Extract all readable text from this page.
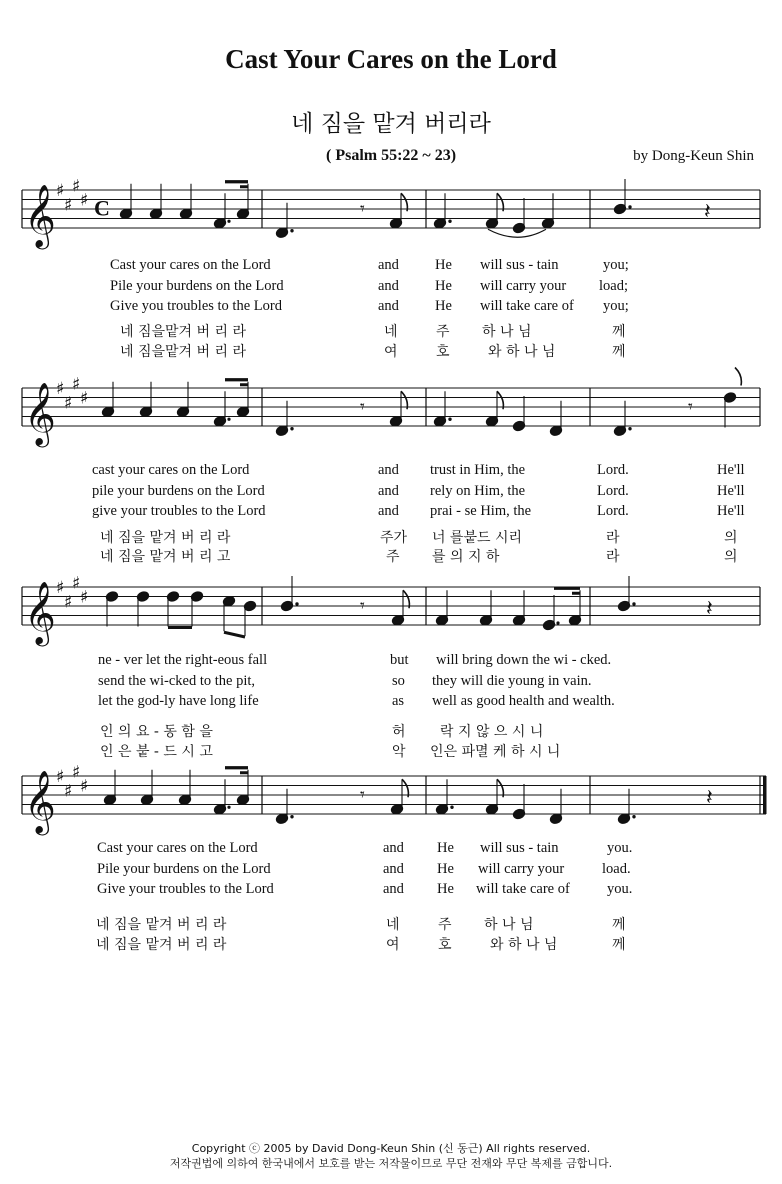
Cast Your Cares on the Lord
네 짐을 맡겨 버리라
( Psalm 55:22 ~ 23)	by Dong-Keun Shin
𝄞 ♯
♯
♯
♯ C	𝄾	𝄽
Cast your cares on the Lord	and He will sus - tain	you;
Pile your burdens on the Lord	and He will carry your load;
Give you troubles to the Lord	and He will take care of you;
네 짐을맡겨 버 리 라	네	주 하 나 님	께
네 짐을맡겨 버 리 라	여	호	와 하 나 님	께
𝄞 ♯
♯
♯
♯	𝄾	𝄾
cast your cares on the Lord	and trust in Him, the	Lord.	He'll
pile your burdens on the Lord	and rely on Him, the	Lord.	He'll
give your troubles to the Lord	and prai - se Him, the	Lord.	He'll
네 짐을 맡겨 버 리 라	주가 너 를붙드 시리	라	의
네 짐을 맡겨 버 리 고	주 를 의 지 하	라	의
𝄞 ♯
♯
♯
♯	𝄾	𝄽
ne - ver let the right-eous fall	but will bring down the wi - cked.
send the wi-cked to the pit,	so they will die young in vain.
let the god-ly have long life	as well as good health and wealth.
인 의 요 - 동 함 을	허 락 지 않 으 시 니
인 은 붙 - 드 시 고	악 인은 파멸 케 하 시 니
𝄞 ♯
♯
♯
♯	𝄾	𝄽
Cast your cares on the Lord	and He will sus - tain	you.
Pile your burdens on the Lord	and He will carry your	load.
Give your troubles to the Lord	and He will take care of	you.
네 짐을 맡겨 버 리 라	네	주 하 나 님	께
네 짐을 맡겨 버 리 라	여	호	와 하 나 님	께
Copyright ⓒ 2005 by David Dong-Keun Shin (신 동근) All rights reserved.
저작권법에 의하여 한국내에서 보호를 받는 저작물이므로 무단 전재와 무단 복제를 금합니다.
